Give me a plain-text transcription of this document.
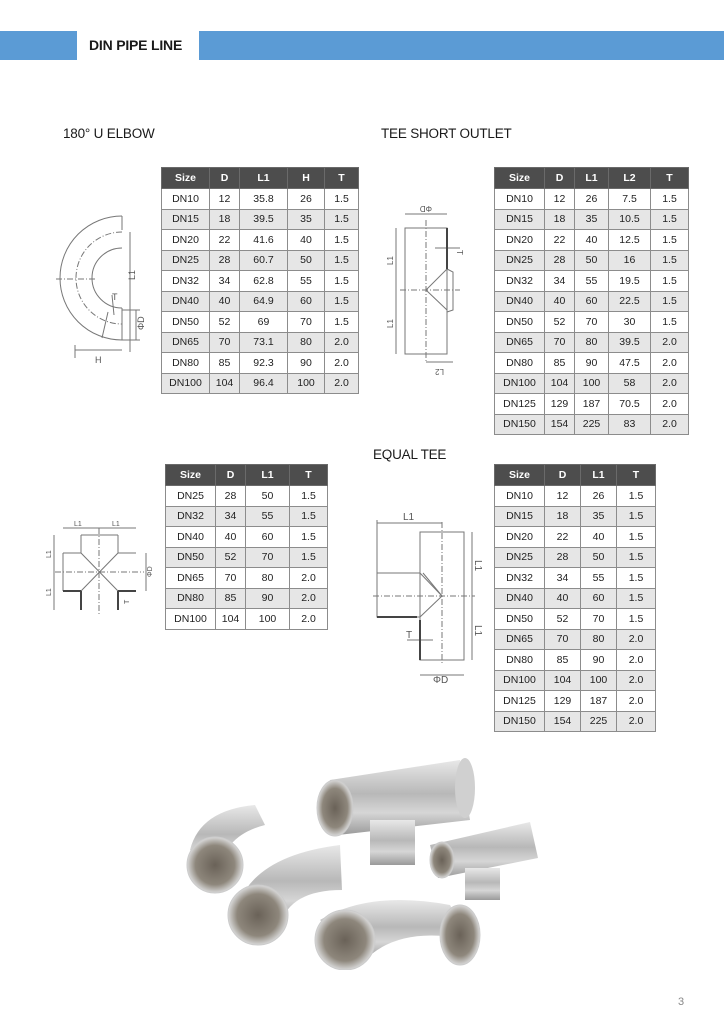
DIN PIPE LINE
180° U ELBOW	TEE SHORT OUTLET
EQUAL TEE
Size	D	L1	H	T
DN10	12	35.8	26	1.5
DN15	18	39.5	35	1.5
DN20	22	41.6	40	1.5
DN25	28	60.7	50	1.5
DN32	34	62.8	55	1.5
DN40	40	64.9	60	1.5
DN50	52	69	70	1.5
DN65	70	73.1	80	2.0
DN80	85	92.3	90	2.0
DN100	104	96.4	100	2.0
Size	D	L1	L2	T
DN10	12	26	7.5	1.5
DN15	18	35	10.5	1.5
DN20	22	40	12.5	1.5
DN25	28	50	16	1.5
DN32	34	55	19.5	1.5
DN40	40	60	22.5	1.5
DN50	52	70	30	1.5
DN65	70	80	39.5	2.0
DN80	85	90	47.5	2.0
DN100	104	100	58	2.0
DN125	129	187	70.5	2.0
DN150	154	225	83	2.0
Size	D	L1	T
DN25	28	50	1.5
DN32	34	55	1.5
DN40	40	60	1.5
DN50	52	70	1.5
DN65	70	80	2.0
DN80	85	90	2.0
DN100	104	100	2.0
Size	D	L1	T
DN10	12	26	1.5
DN15	18	35	1.5
DN20	22	40	1.5
DN25	28	50	1.5
DN32	34	55	1.5
DN40	40	60	1.5
DN50	52	70	1.5
DN65	70	80	2.0
DN80	85	90	2.0
DN100	104	100	2.0
DN125	129	187	2.0
DN150	154	225	2.0
L1
H
T
ΦD
ΦD
L1
L1
L2
T
L1	L1
L1
L1
ΦD
T
L1
L1
L1
ΦD
T
3
